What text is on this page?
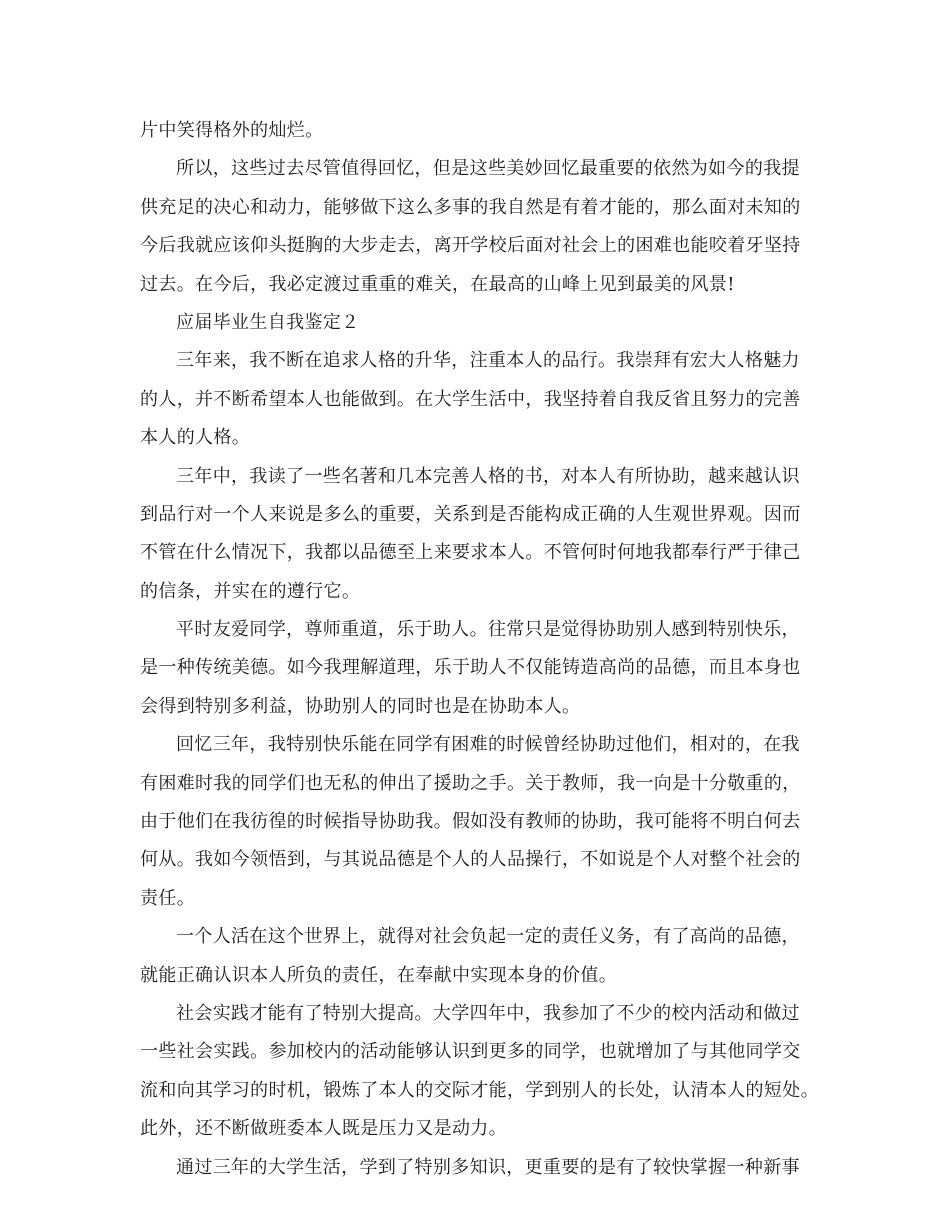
片中笑得格外的灿烂。
所以，这些过去尽管值得回忆，但是这些美妙回忆最重要的依然为如今的我提
供充足的决心和动力，能够做下这么多事的我自然是有着才能的，那么面对未知的
今后我就应该仰头挺胸的大步走去，离开学校后面对社会上的困难也能咬着牙坚持
过去。在今后，我必定渡过重重的难关，在最高的山峰上见到最美的风景!
应届毕业生自我鉴定２
三年来，我不断在追求人格的升华，注重本人的品行。我崇拜有宏大人格魅力
的人，并不断希望本人也能做到。在大学生活中，我坚持着自我反省且努力的完善
本人的人格。
三年中，我读了一些名著和几本完善人格的书，对本人有所协助，越来越认识
到品行对一个人来说是多么的重要，关系到是否能构成正确的人生观世界观。因而
不管在什么情况下，我都以品德至上来要求本人。不管何时何地我都奉行严于律己
的信条，并实在的遵行它。
平时友爱同学，尊师重道，乐于助人。往常只是觉得协助别人感到特别快乐，
是一种传统美德。如今我理解道理，乐于助人不仅能铸造高尚的品德，而且本身也
会得到特别多利益，协助别人的同时也是在协助本人。
回忆三年，我特别快乐能在同学有困难的时候曾经协助过他们，相对的，在我
有困难时我的同学们也无私的伸出了援助之手。关于教师，我一向是十分敬重的，
由于他们在我彷徨的时候指导协助我。假如没有教师的协助，我可能将不明白何去
何从。我如今领悟到，与其说品德是个人的人品操行，不如说是个人对整个社会的
责任。
一个人活在这个世界上，就得对社会负起一定的责任义务，有了高尚的品德，
就能正确认识本人所负的责任，在奉献中实现本身的价值。
社会实践才能有了特别大提高。大学四年中，我参加了不少的校内活动和做过
一些社会实践。参加校内的活动能够认识到更多的同学，也就增加了与其他同学交
流和向其学习的时机，锻炼了本人的交际才能，学到别人的长处，认清本人的短处。
此外，还不断做班委本人既是压力又是动力。
通过三年的大学生活，学到了特别多知识，更重要的是有了较快掌握一种新事
